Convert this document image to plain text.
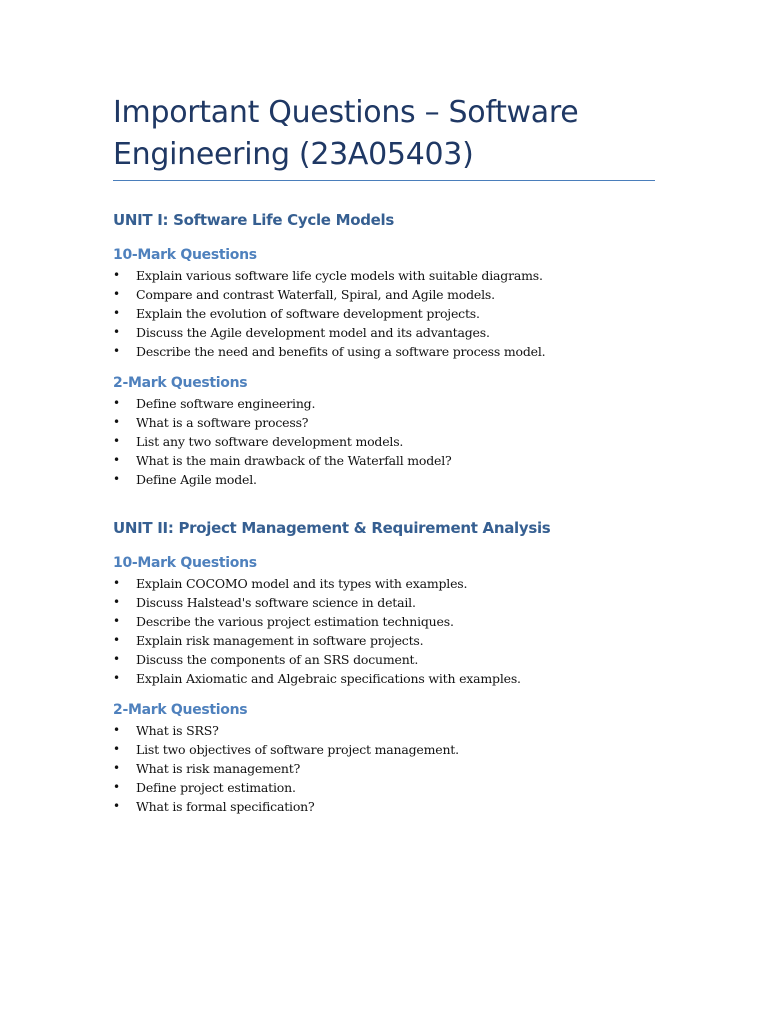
Important Questions – Software
Engineering (23A05403)
UNIT I: Software Life Cycle Models
10-Mark Questions
• Explain various software life cycle models with suitable diagrams.
• Compare and contrast Waterfall, Spiral, and Agile models.
• Explain the evolution of software development projects.
• Discuss the Agile development model and its advantages.
• Describe the need and benefits of using a software process model.
2-Mark Questions
• Define software engineering.
• What is a software process?
• List any two software development models.
• What is the main drawback of the Waterfall model?
• Define Agile model.
UNIT II: Project Management & Requirement Analysis
10-Mark Questions
• Explain COCOMO model and its types with examples.
• Discuss Halstead's software science in detail.
• Describe the various project estimation techniques.
• Explain risk management in software projects.
• Discuss the components of an SRS document.
• Explain Axiomatic and Algebraic specifications with examples.
2-Mark Questions
• What is SRS?
• List two objectives of software project management.
• What is risk management?
• Define project estimation.
• What is formal specification?
